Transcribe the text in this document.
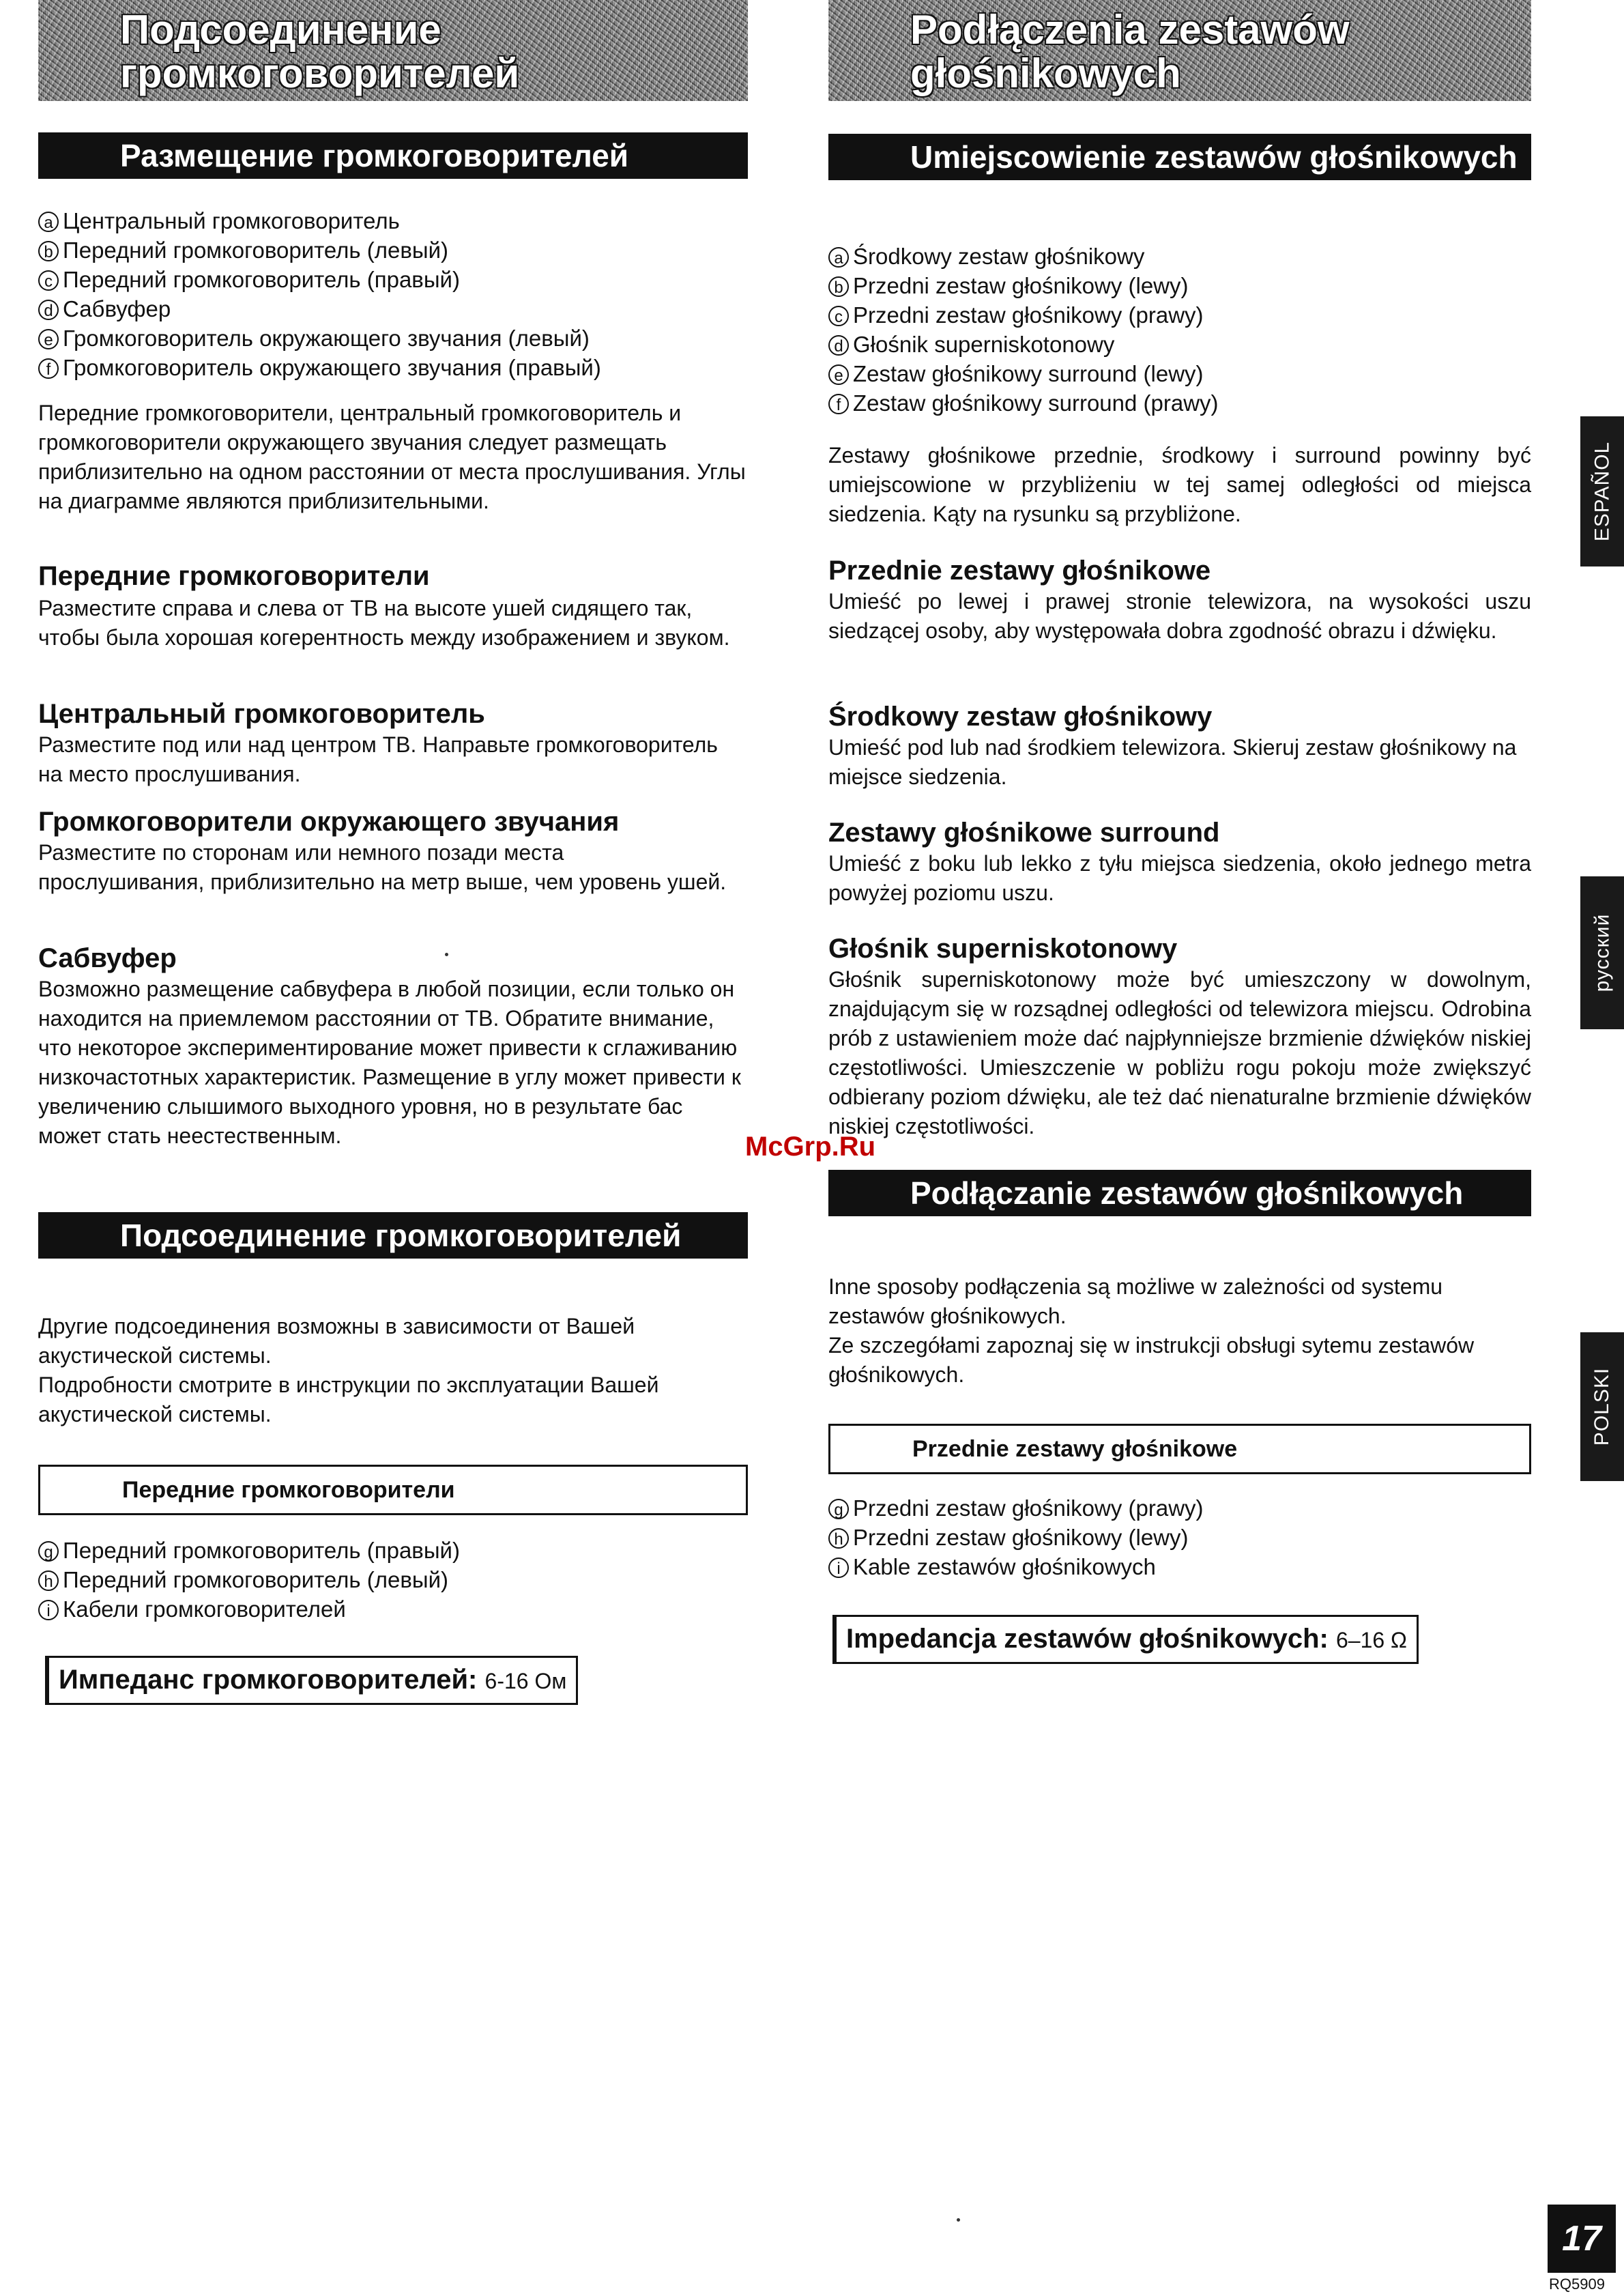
Подсоединение громкоговорителей
Podłączenia zestawów głośnikowych
Размещение громкоговорителей
a Центральный громкоговоритель
b Передний громкоговоритель (левый)
c Передний громкоговоритель (правый)
d Сабвуфер
e Громкоговоритель окружающего звучания (левый)
f Громкоговоритель окружающего звучания (правый)

Передние громкоговорители, центральный громкоговоритель и громкоговорители окружающего звучания следует размещать приблизительно на одном расстоянии от места прослушивания. Углы на диаграмме являются приблизительными.

Передние громкоговорители

Разместите справа и слева от ТВ на высоте ушей сидящего так, чтобы была хорошая когерентность между изображением и звуком.

Центральный громкоговоритель

Разместите под или над центром ТВ. Направьте громкоговоритель на место прослушивания.

Громкоговорители окружающего звучания

Разместите по сторонам или немного позади места прослушивания, приблизительно на метр выше, чем уровень ушей.

Сабвуфер

Возможно размещение сабвуфера в любой позиции, если только он находится на приемлемом расстоянии от ТВ. Обратите внимание, что некоторое экспериментирование может привести к сглаживанию низкочастотных характеристик. Размещение в углу может привести к увеличению слышимого выходного уровня, но в результате бас может стать неестественным.

Подсоединение громкоговорителей

Другие подсоединения возможны в зависимости от Вашей акустической системы.

Подробности смотрите в инструкции по эксплуатации Вашей акустической системы.

Передние громкоговорители
g Передний громкоговоритель (правый)
h Передний громкоговоритель (левый)
i Кабели громкоговорителей
Импеданс громкоговорителей: 6-16 Ом
Umiejscowienie zestawów głośnikowych
a Środkowy zestaw głośnikowy
b Przedni zestaw głośnikowy (lewy)
c Przedni zestaw głośnikowy (prawy)
d Głośnik superniskotonowy
e Zestaw głośnikowy surround (lewy)
f Zestaw głośnikowy surround (prawy)

Zestawy głośnikowe przednie, środkowy i surround powinny być umiejscowione w przybliżeniu w tej samej odległości od miejsca siedzenia. Kąty na rysunku są przybliżone.

Przednie zestawy głośnikowe

Umieść po lewej i prawej stronie telewizora, na wysokości uszu siedzącej osoby, aby występowała dobra zgodność obrazu i dźwięku.

Środkowy zestaw głośnikowy

Umieść pod lub nad środkiem telewizora. Skieruj zestaw głośnikowy na miejsce siedzenia.

Zestawy głośnikowe surround

Umieść z boku lub lekko z tyłu miejsca siedzenia, około jednego metra powyżej poziomu uszu.

Głośnik superniskotonowy

Głośnik superniskotonowy może być umieszczony w dowolnym, znajdującym się w rozsądnej odległości od telewizora miejscu. Odrobina prób z ustawieniem może dać najpłynniejsze brzmienie dźwięków niskiej częstotliwości. Umieszczenie w pobliżu rogu pokoju może zwiększyć odbierany poziom dźwięku, ale też dać nienaturalne brzmienie dźwięków niskiej częstotliwości.

Podłączanie zestawów głośnikowych

Inne sposoby podłączenia są możliwe w zależności od systemu zestawów głośnikowych.

Ze szczegółami zapoznaj się w instrukcji obsługi sytemu zestawów głośnikowych.

Przednie zestawy głośnikowe
g Przedni zestaw głośnikowy (prawy)
h Przedni zestaw głośnikowy (lewy)
i Kable zestawów głośnikowych
Impedancja zestawów głośnikowych: 6–16 Ω
ESPAÑOL
русский
POLSKI
McGrp.Ru
17
RQ5909
